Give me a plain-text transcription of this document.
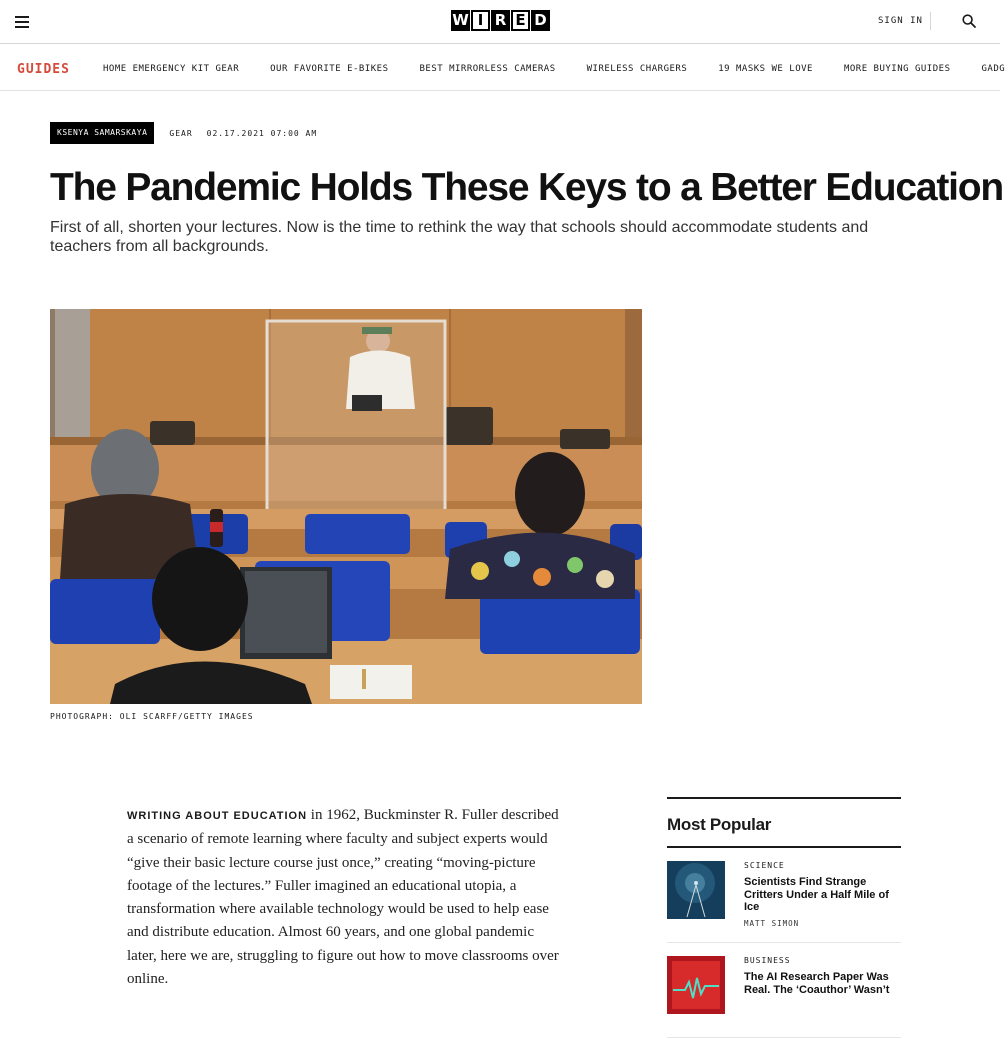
W I R E D	SIGN IN
GUIDES	HOME EMERGENCY KIT GEAR	OUR FAVORITE E-BIKES	BEST MIRRORLESS CAMERAS	WIRELESS CHARGERS	19 MASKS WE LOVE	MORE BUYING GUIDES	GADG
KSENYA SAMARSKAYA	GEAR 02.17.2021 07:00 AM
The Pandemic Holds These Keys to a Better Education

First of all, shorten your lectures. Now is the time to rethink the way that schools should accommodate students and teachers from all backgrounds.

PHOTOGRAPH: OLI SCARFF/GETTY IMAGES
WRITING ABOUT EDUCATION in 1962, Buckminster R. Fuller described a scenario of remote learning where faculty and subject experts would “give their basic lecture course just once,” creating “moving-picture footage of the lectures.” Fuller imagined an educational utopia, a transformation where available technology would be used to help ease and distribute education. Almost 60 years, and one global pandemic later, here we are, struggling to figure out how to move classrooms over online.
Most Popular
SCIENCE
Scientists Find Strange Critters Under a Half Mile of Ice
MATT SIMON
BUSINESS
The AI Research Paper Was Real. The ‘Coauthor’ Wasn’t
